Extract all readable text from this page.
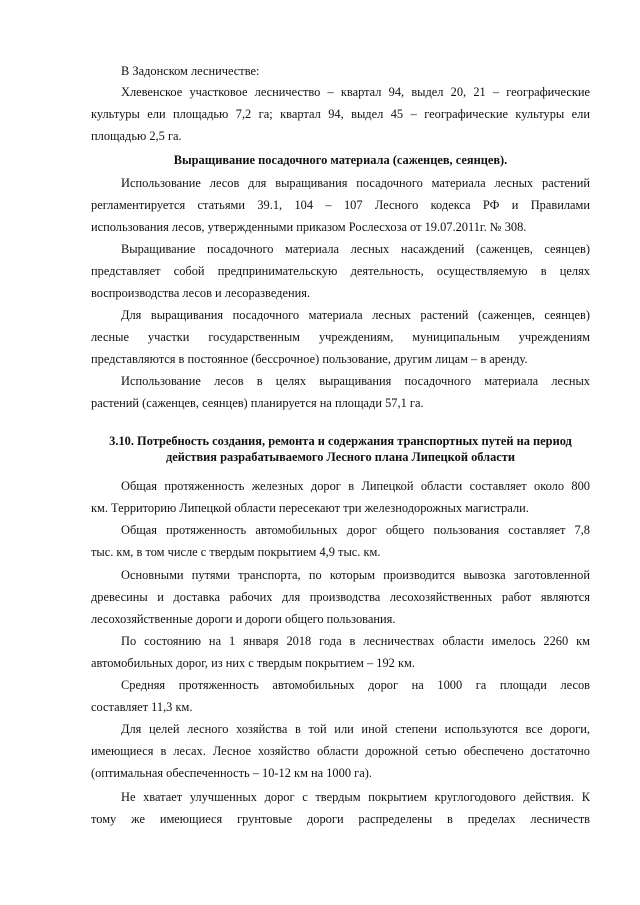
В Задонском лесничестве:
Хлевенское участковое лесничество – квартал 94, выдел 20, 21 – географические
культуры ели площадью 7,2 га; квартал 94, выдел 45 – географические культуры ели
площадью 2,5 га.
Выращивание посадочного материала (саженцев, сеянцев).
Использование лесов для выращивания посадочного материала лесных растений
регламентируется статьями 39.1, 104 – 107 Лесного кодекса РФ и Правилами
использования лесов, утвержденными приказом Рослесхоза от 19.07.2011г. № 308.
Выращивание посадочного материала лесных насаждений (саженцев, сеянцев)
представляет собой предпринимательскую деятельность, осуществляемую в целях
воспроизводства лесов и лесоразведения.
Для выращивания посадочного материала лесных растений (саженцев, сеянцев)
лесные участки государственным учреждениям, муниципальным учреждениям
представляются в постоянное (бессрочное) пользование, другим лицам – в аренду.
Использование лесов в целях выращивания посадочного материала лесных
растений (саженцев, сеянцев) планируется на площади 57,1 га.
3.10. Потребность создания, ремонта и содержания транспортных путей на период
действия разрабатываемого Лесного плана Липецкой области
Общая протяженность железных дорог в Липецкой области составляет около 800
км. Территорию Липецкой области пересекают три железнодорожных магистрали.
Общая протяженность автомобильных дорог общего пользования составляет 7,8
тыс. км, в том числе с твердым покрытием 4,9 тыс. км.
Основными путями транспорта, по которым производится вывозка заготовленной
древесины и доставка рабочих для производства лесохозяйственных работ являются
лесохозяйственные дороги и дороги общего пользования.
По состоянию на 1 января 2018 года в лесничествах области имелось 2260 км
автомобильных дорог, из них с твердым покрытием – 192 км.
Средняя протяженность автомобильных дорог на 1000 га площади лесов
составляет 11,3 км.
Для целей лесного хозяйства в той или иной степени используются все дороги,
имеющиеся в лесах. Лесное хозяйство области дорожной сетью обеспечено достаточно
(оптимальная обеспеченность – 10-12 км на 1000 га).
Не хватает улучшенных дорог с твердым покрытием круглогодового действия. К
тому же имеющиеся грунтовые дороги распределены в пределах лесничеств
